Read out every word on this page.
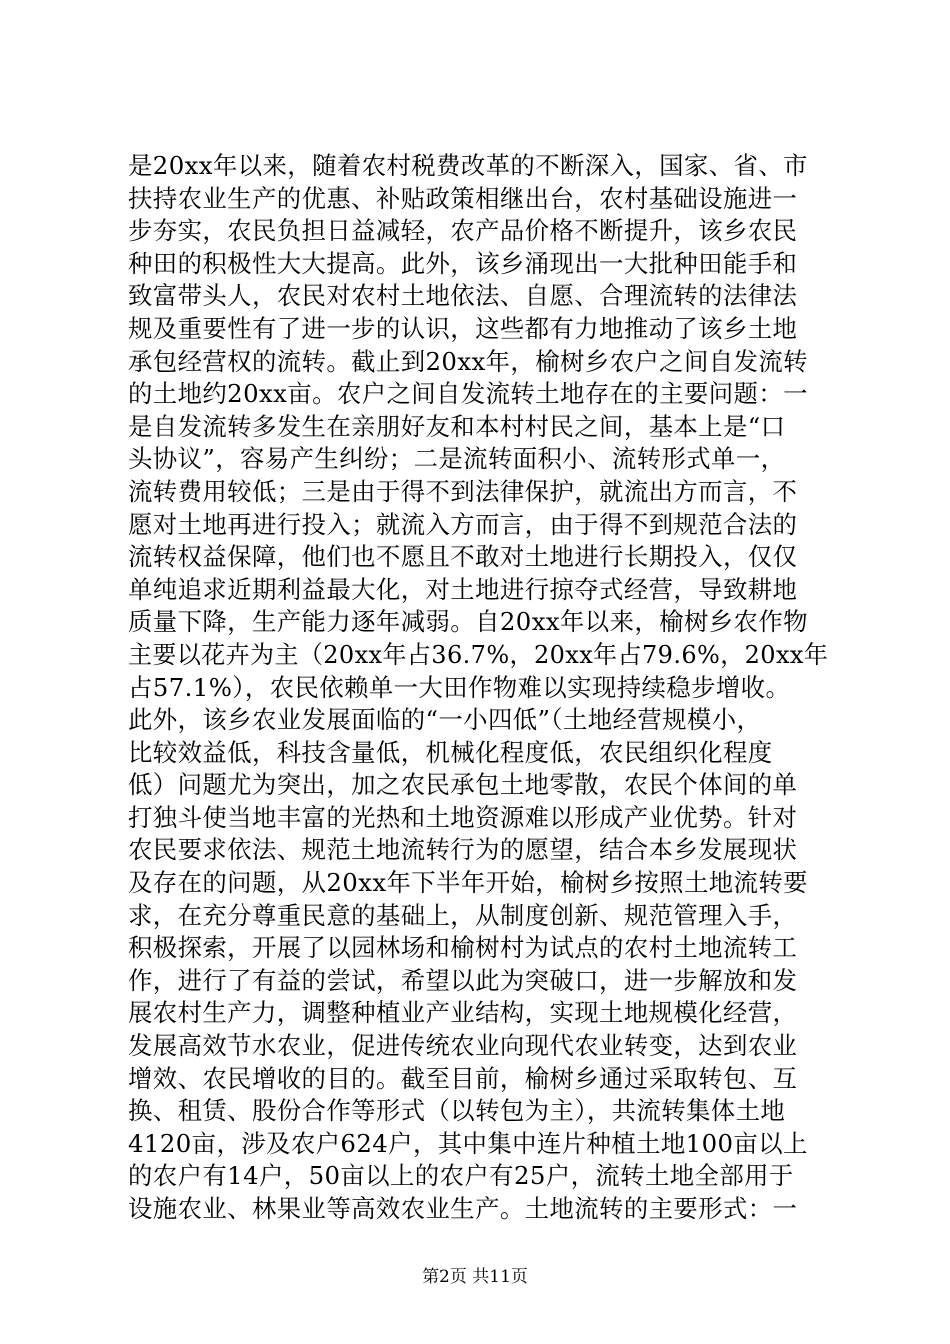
是20xx年以来，随着农村税费改革的不断深入，国家、省、市
扶持农业生产的优惠、补贴政策相继出台，农村基础设施进一
步夯实，农民负担日益减轻，农产品价格不断提升，该乡农民
种田的积极性大大提高。此外，该乡涌现出一大批种田能手和
致富带头人，农民对农村土地依法、自愿、合理流转的法律法
规及重要性有了进一步的认识，这些都有力地推动了该乡土地
承包经营权的流转。截止到20xx年，榆树乡农户之间自发流转
的土地约20xx亩。农户之间自发流转土地存在的主要问题：一
是自发流转多发生在亲朋好友和本村村民之间，基本上是“口
头协议”，容易产生纠纷；二是流转面积小、流转形式单一，
流转费用较低；三是由于得不到法律保护，就流出方而言，不
愿对土地再进行投入；就流入方而言，由于得不到规范合法的
流转权益保障，他们也不愿且不敢对土地进行长期投入，仅仅
单纯追求近期利益最大化，对土地进行掠夺式经营，导致耕地
质量下降，生产能力逐年减弱。自20xx年以来，榆树乡农作物
主要以花卉为主（20xx年占36.7%，20xx年占79.6%，20xx年
占57.1%），农民依赖单一大田作物难以实现持续稳步增收。
此外，该乡农业发展面临的“一小四低”（土地经营规模小，
比较效益低，科技含量低，机械化程度低，农民组织化程度
低）问题尤为突出，加之农民承包土地零散，农民个体间的单
打独斗使当地丰富的光热和土地资源难以形成产业优势。针对
农民要求依法、规范土地流转行为的愿望，结合本乡发展现状
及存在的问题，从20xx年下半年开始，榆树乡按照土地流转要
求，在充分尊重民意的基础上，从制度创新、规范管理入手，
积极探索，开展了以园林场和榆树村为试点的农村土地流转工
作，进行了有益的尝试，希望以此为突破口，进一步解放和发
展农村生产力，调整种植业产业结构，实现土地规模化经营，
发展高效节水农业，促进传统农业向现代农业转变，达到农业
增效、农民增收的目的。截至目前，榆树乡通过采取转包、互
换、租赁、股份合作等形式（以转包为主），共流转集体土地
4120亩，涉及农户624户，其中集中连片种植土地100亩以上
的农户有14户，50亩以上的农户有25户，流转土地全部用于
设施农业、林果业等高效农业生产。土地流转的主要形式：一
第2页 共11页
